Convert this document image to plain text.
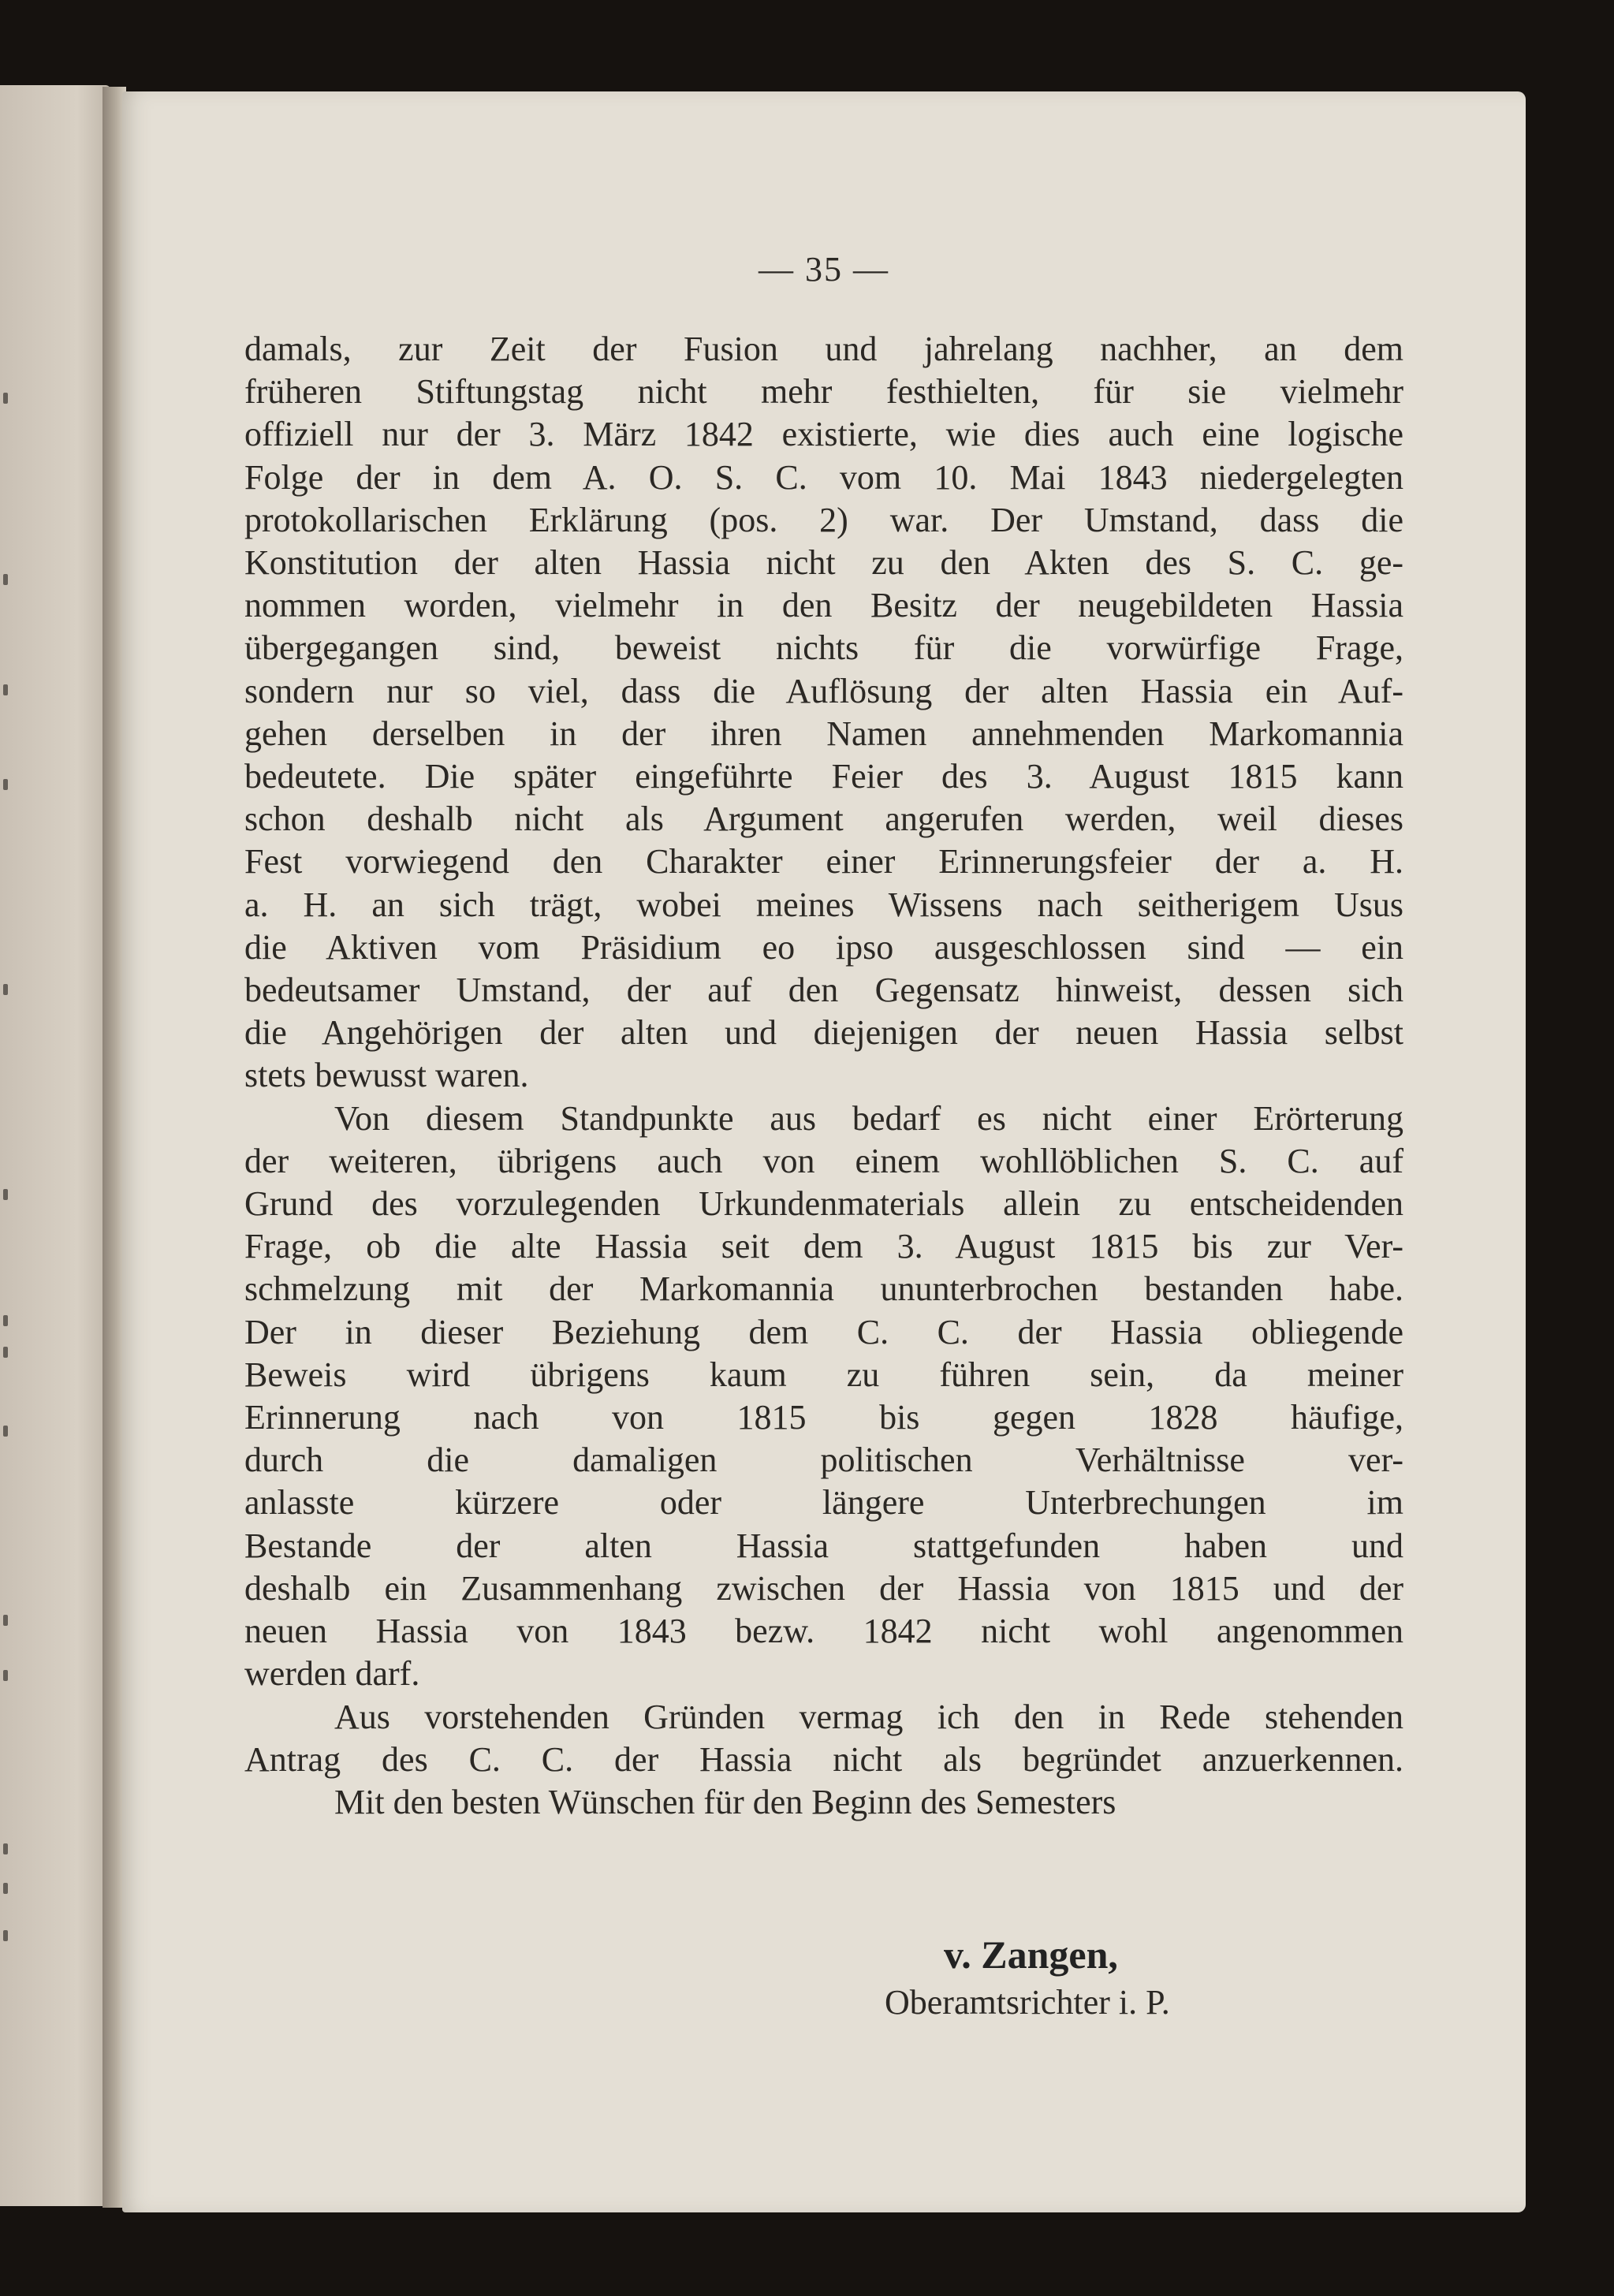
— 35 —
damals, zur Zeit der Fusion und jahrelang nachher, an dem
früheren Stiftungstag nicht mehr festhielten, für sie vielmehr
offiziell nur der 3. März 1842 existierte, wie dies auch eine logische
Folge der in dem A. O. S. C. vom 10. Mai 1843 niedergelegten
protokollarischen Erklärung (pos. 2) war. Der Umstand, dass die
Konstitution der alten Hassia nicht zu den Akten des S. C. ge-
nommen worden, vielmehr in den Besitz der neugebildeten Hassia
übergegangen sind, beweist nichts für die vorwürfige Frage,
sondern nur so viel, dass die Auflösung der alten Hassia ein Auf-
gehen derselben in der ihren Namen annehmenden Markomannia
bedeutete. Die später eingeführte Feier des 3. August 1815 kann
schon deshalb nicht als Argument angerufen werden, weil dieses
Fest vorwiegend den Charakter einer Erinnerungsfeier der a. H.
a. H. an sich trägt, wobei meines Wissens nach seitherigem Usus
die Aktiven vom Präsidium eo ipso ausgeschlossen sind — ein
bedeutsamer Umstand, der auf den Gegensatz hinweist, dessen sich
die Angehörigen der alten und diejenigen der neuen Hassia selbst
stets bewusst waren.
Von diesem Standpunkte aus bedarf es nicht einer Erörterung
der weiteren, übrigens auch von einem wohllöblichen S. C. auf
Grund des vorzulegenden Urkundenmaterials allein zu entscheidenden
Frage, ob die alte Hassia seit dem 3. August 1815 bis zur Ver-
schmelzung mit der Markomannia ununterbrochen bestanden habe.
Der in dieser Beziehung dem C. C. der Hassia obliegende
Beweis wird übrigens kaum zu führen sein, da meiner
Erinnerung nach von 1815 bis gegen 1828 häufige,
durch die damaligen politischen Verhältnisse ver-
anlasste kürzere oder längere Unterbrechungen im
Bestande der alten Hassia stattgefunden haben und
deshalb ein Zusammenhang zwischen der Hassia von 1815 und der
neuen Hassia von 1843 bezw. 1842 nicht wohl angenommen
werden darf.
Aus vorstehenden Gründen vermag ich den in Rede stehenden
Antrag des C. C. der Hassia nicht als begründet anzuerkennen.
Mit den besten Wünschen für den Beginn des Semesters
v. Zangen,
Oberamtsrichter i. P.
